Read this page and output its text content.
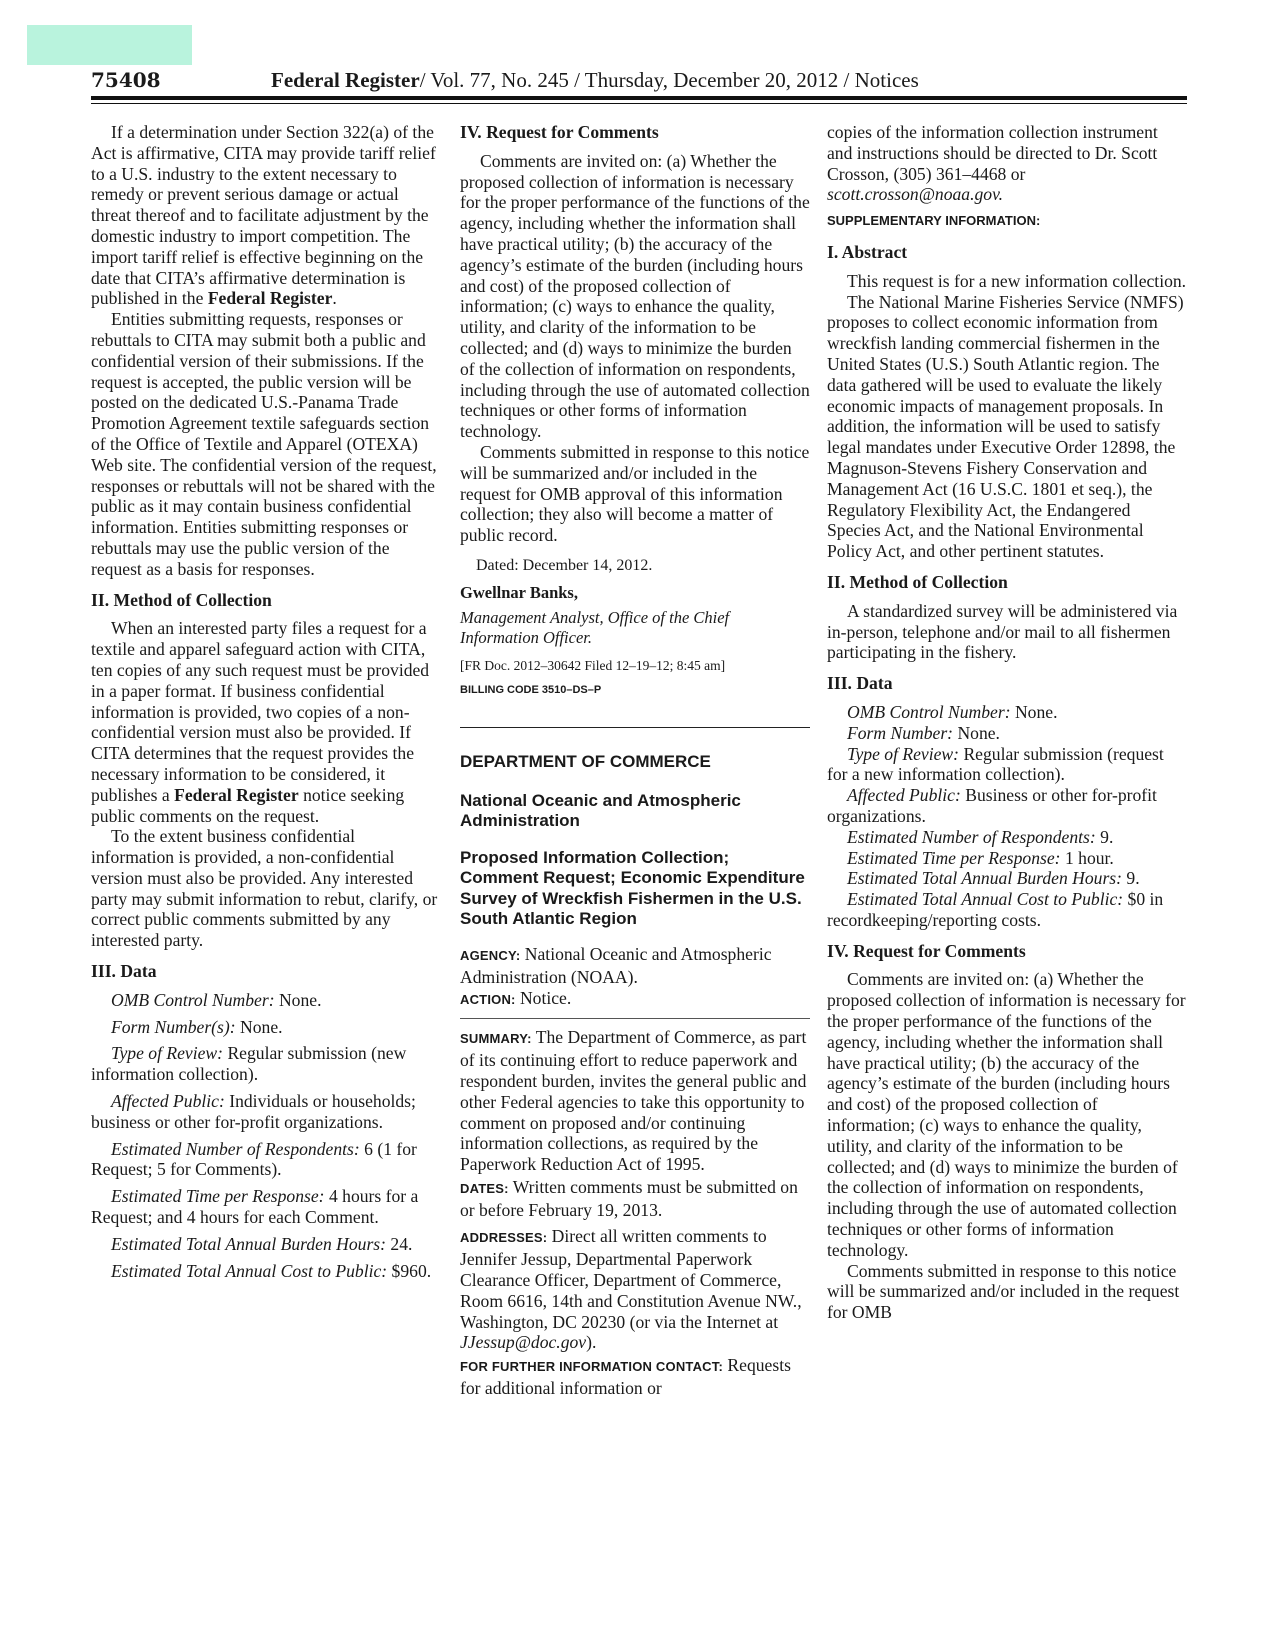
75408	Federal Register/ Vol. 77, No. 245 / Thursday, December 20, 2012 / Notices

If a determination under Section 322(a) of the Act is affirmative, CITA may provide tariff relief to a U.S. industry to the extent necessary to remedy or prevent serious damage or actual threat thereof and to facilitate adjustment by the domestic industry to import competition. The import tariff relief is effective beginning on the date that CITA’s affirmative determination is published in the Federal Register.

Entities submitting requests, responses or rebuttals to CITA may submit both a public and confidential version of their submissions. If the request is accepted, the public version will be posted on the dedicated U.S.-Panama Trade Promotion Agreement textile safeguards section of the Office of Textile and Apparel (OTEXA) Web site. The confidential version of the request, responses or rebuttals will not be shared with the public as it may contain business confidential information. Entities submitting responses or rebuttals may use the public version of the request as a basis for responses.

II. Method of Collection

When an interested party files a request for a textile and apparel safeguard action with CITA, ten copies of any such request must be provided in a paper format. If business confidential information is provided, two copies of a non-confidential version must also be provided. If CITA determines that the request provides the necessary information to be considered, it publishes a Federal Register notice seeking public comments on the request.

To the extent business confidential information is provided, a non-confidential version must also be provided. Any interested party may submit information to rebut, clarify, or correct public comments submitted by any interested party.

III. Data

OMB Control Number: None.

Form Number(s): None.

Type of Review: Regular submission (new information collection).

Affected Public: Individuals or households; business or other for-profit organizations.

Estimated Number of Respondents: 6 (1 for Request; 5 for Comments).

Estimated Time per Response: 4 hours for a Request; and 4 hours for each Comment.

Estimated Total Annual Burden Hours: 24.

Estimated Total Annual Cost to Public: $960.

IV. Request for Comments

Comments are invited on: (a) Whether the proposed collection of information is necessary for the proper performance of the functions of the agency, including whether the information shall have practical utility; (b) the accuracy of the agency’s estimate of the burden (including hours and cost) of the proposed collection of information; (c) ways to enhance the quality, utility, and clarity of the information to be collected; and (d) ways to minimize the burden of the collection of information on respondents, including through the use of automated collection techniques or other forms of information technology.

Comments submitted in response to this notice will be summarized and/or included in the request for OMB approval of this information collection; they also will become a matter of public record.

Dated: December 14, 2012.

Gwellnar Banks,
Management Analyst, Office of the Chief Information Officer.
[FR Doc. 2012–30642 Filed 12–19–12; 8:45 am]
BILLING CODE 3510–DS–P
DEPARTMENT OF COMMERCE
National Oceanic and Atmospheric Administration
Proposed Information Collection; Comment Request; Economic Expenditure Survey of Wreckfish Fishermen in the U.S. South Atlantic Region

AGENCY: National Oceanic and Atmospheric Administration (NOAA).

ACTION: Notice.

SUMMARY: The Department of Commerce, as part of its continuing effort to reduce paperwork and respondent burden, invites the general public and other Federal agencies to take this opportunity to comment on proposed and/or continuing information collections, as required by the Paperwork Reduction Act of 1995.

DATES: Written comments must be submitted on or before February 19, 2013.

ADDRESSES: Direct all written comments to Jennifer Jessup, Departmental Paperwork Clearance Officer, Department of Commerce, Room 6616, 14th and Constitution Avenue NW., Washington, DC 20230 (or via the Internet at JJessup@doc.gov).

FOR FURTHER INFORMATION CONTACT: Requests for additional information or

copies of the information collection instrument and instructions should be directed to Dr. Scott Crosson, (305) 361–4468 or scott.crosson@noaa.gov.

SUPPLEMENTARY INFORMATION:
I. Abstract

This request is for a new information collection.

The National Marine Fisheries Service (NMFS) proposes to collect economic information from wreckfish landing commercial fishermen in the United States (U.S.) South Atlantic region. The data gathered will be used to evaluate the likely economic impacts of management proposals. In addition, the information will be used to satisfy legal mandates under Executive Order 12898, the Magnuson-Stevens Fishery Conservation and Management Act (16 U.S.C. 1801 et seq.), the Regulatory Flexibility Act, the Endangered Species Act, and the National Environmental Policy Act, and other pertinent statutes.

II. Method of Collection

A standardized survey will be administered via in-person, telephone and/or mail to all fishermen participating in the fishery.

III. Data

OMB Control Number: None.

Form Number: None.

Type of Review: Regular submission (request for a new information collection).

Affected Public: Business or other for-profit organizations.

Estimated Number of Respondents: 9.

Estimated Time per Response: 1 hour.

Estimated Total Annual Burden Hours: 9.

Estimated Total Annual Cost to Public: $0 in recordkeeping/reporting costs.

IV. Request for Comments

Comments are invited on: (a) Whether the proposed collection of information is necessary for the proper performance of the functions of the agency, including whether the information shall have practical utility; (b) the accuracy of the agency’s estimate of the burden (including hours and cost) of the proposed collection of information; (c) ways to enhance the quality, utility, and clarity of the information to be collected; and (d) ways to minimize the burden of the collection of information on respondents, including through the use of automated collection techniques or other forms of information technology.

Comments submitted in response to this notice will be summarized and/or included in the request for OMB
